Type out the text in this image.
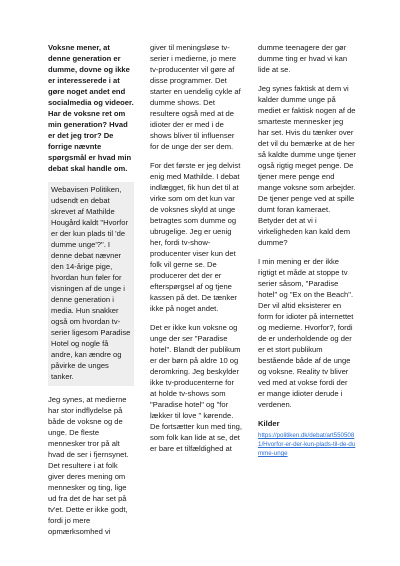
Voksne mener, at denne generation er dumme, dovne og ikke er interesserede i at gøre noget andet end socialmedia og videoer. Har de voksne ret om min generation? Hvad er det jeg tror? De forrige nævnte spørgsmål er hvad min debat skal handle om.

Webavisen Politiken, udsendt en debat skrevet af Mathilde Hougård kaldt "Hvorfor er der kun plads til 'de dumme unge'?". I denne debat nævner den 14-årige pige, hvordan hun føler for visningen af de unge i denne generation i media. Hun snakker også om hvordan tv-serier ligesom Paradise Hotel og nogle få andre, kan ændre og påvirke de unges tanker.

Jeg synes, at medierne har stor indflydelse på både de voksne og de unge. De fleste mennesker tror på alt hvad de ser i fjernsynet. Det resultere i at folk giver deres mening om mennesker og ting, lige ud fra det de har set på tv'et. Dette er ikke godt, fordi jo mere opmærksomhed vi

giver til meningsløse tv-serier i medierne, jo mere tv-producenter vil gøre af disse programmer. Det starter en uendelig cykle af dumme shows. Det resultere også med at de idioter der er med i de shows bliver til influenser for de unge der ser dem.

For det første er jeg delvist enig med Mathilde. I debat indlægget, fik hun det til at virke som om det kun var de voksnes skyld at unge betragtes som dumme og ubrugelige. Jeg er uenig her, fordi tv-show-producenter viser kun det folk vil gerne se. De producerer det der er efterspørgsel af og tjene kassen på det. De tænker ikke på noget andet.

Det er ikke kun voksne og unge der ser "Paradise hotel". Blandt der publikum er der børn på aldre 10 og deromkring. Jeg beskylder ikke tv-producenterne for at holde tv-shows som "Paradise hotel" og "for lækker til love " kørende. De fortsætter kun med ting, som folk kan lide at se, det er bare et tilfældighed at

dumme teenagere der gør dumme ting er hvad vi kan lide at se.

Jeg synes faktisk at dem vi kalder dumme unge på mediet er faktisk nogen af de smarteste mennesker jeg har set. Hvis du tænker over det vil du bemærke at de her så kaldte dumme unge tjener også rigtig meget penge. De tjener mere penge end mange voksne som arbejder. De tjener penge ved at spille dumt foran kameraet. Betyder det at vi i virkeligheden kan kald dem dumme?

I min mening er der ikke rigtigt et måde at stoppe tv serier såsom, "Paradise hotel" og "Ex on the Beach". Der vil altid eksisterer en form for idioter på internettet og medierne. Hvorfor?, fordi de er underholdende og der er et stort publikum bestående både af de unge og voksne. Reality tv bliver ved med at vokse fordi der er mange idioter derude i verdenen.

Kilder
https://politiken.dk/debat/art5505081/Hvorfor-er-der-kun-plads-til-de-dumme-unge
